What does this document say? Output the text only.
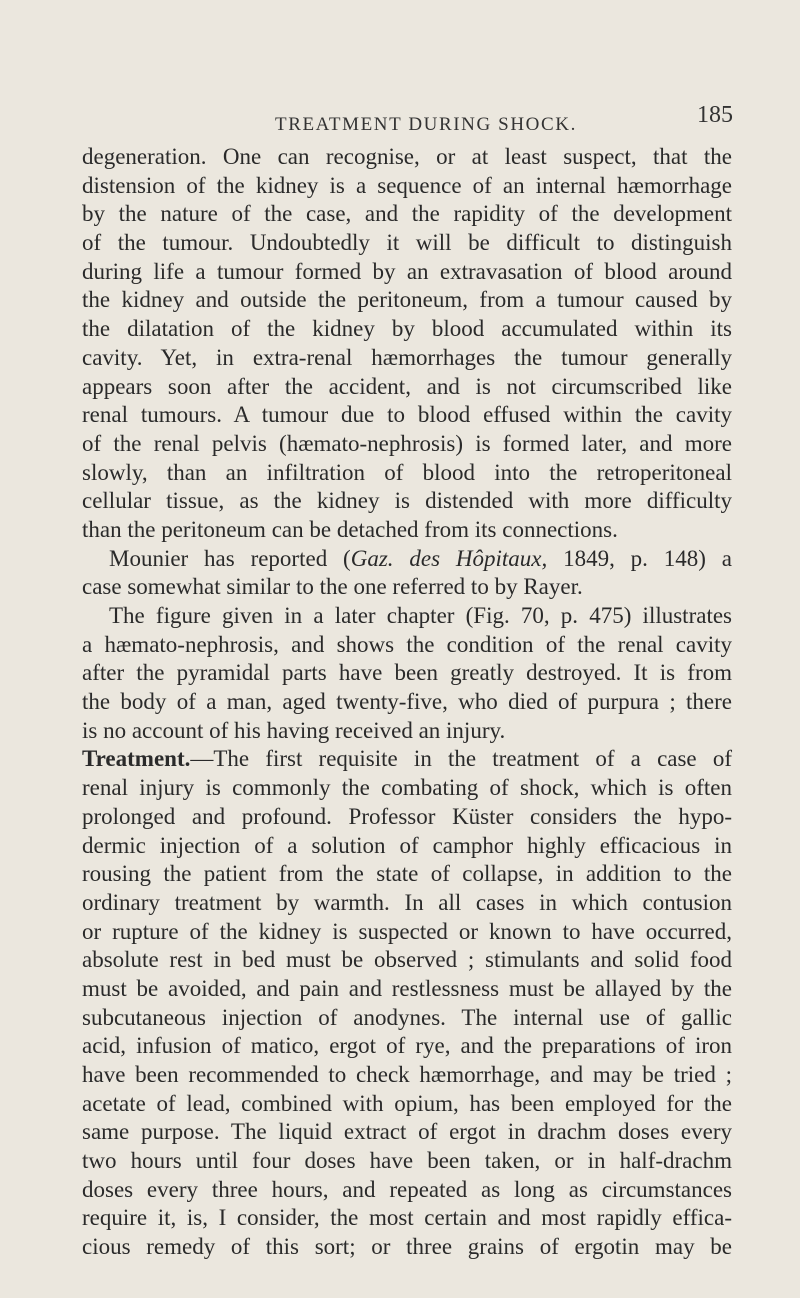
TREATMENT DURING SHOCK.	185
degeneration. One can recognise, or at least suspect, that the
distension of the kidney is a sequence of an internal hæmorrhage
by the nature of the case, and the rapidity of the development
of the tumour. Undoubtedly it will be difficult to distinguish
during life a tumour formed by an extravasation of blood around
the kidney and outside the peritoneum, from a tumour caused by
the dilatation of the kidney by blood accumulated within its
cavity. Yet, in extra-renal hæmorrhages the tumour generally
appears soon after the accident, and is not circumscribed like
renal tumours. A tumour due to blood effused within the cavity
of the renal pelvis (hæmato-nephrosis) is formed later, and more
slowly, than an infiltration of blood into the retroperitoneal
cellular tissue, as the kidney is distended with more difficulty
than the peritoneum can be detached from its connections.
Mounier has reported (Gaz. des Hôpitaux, 1849, p. 148) a
case somewhat similar to the one referred to by Rayer.
The figure given in a later chapter (Fig. 70, p. 475) illustrates
a hæmato-nephrosis, and shows the condition of the renal cavity
after the pyramidal parts have been greatly destroyed. It is from
the body of a man, aged twenty-five, who died of purpura ; there
is no account of his having received an injury.
Treatment.—The first requisite in the treatment of a case of
renal injury is commonly the combating of shock, which is often
prolonged and profound. Professor Küster considers the hypo-
dermic injection of a solution of camphor highly efficacious in
rousing the patient from the state of collapse, in addition to the
ordinary treatment by warmth. In all cases in which contusion
or rupture of the kidney is suspected or known to have occurred,
absolute rest in bed must be observed ; stimulants and solid food
must be avoided, and pain and restlessness must be allayed by the
subcutaneous injection of anodynes. The internal use of gallic
acid, infusion of matico, ergot of rye, and the preparations of iron
have been recommended to check hæmorrhage, and may be tried ;
acetate of lead, combined with opium, has been employed for the
same purpose. The liquid extract of ergot in drachm doses every
two hours until four doses have been taken, or in half-drachm
doses every three hours, and repeated as long as circumstances
require it, is, I consider, the most certain and most rapidly effica-
cious remedy of this sort; or three grains of ergotin may be
